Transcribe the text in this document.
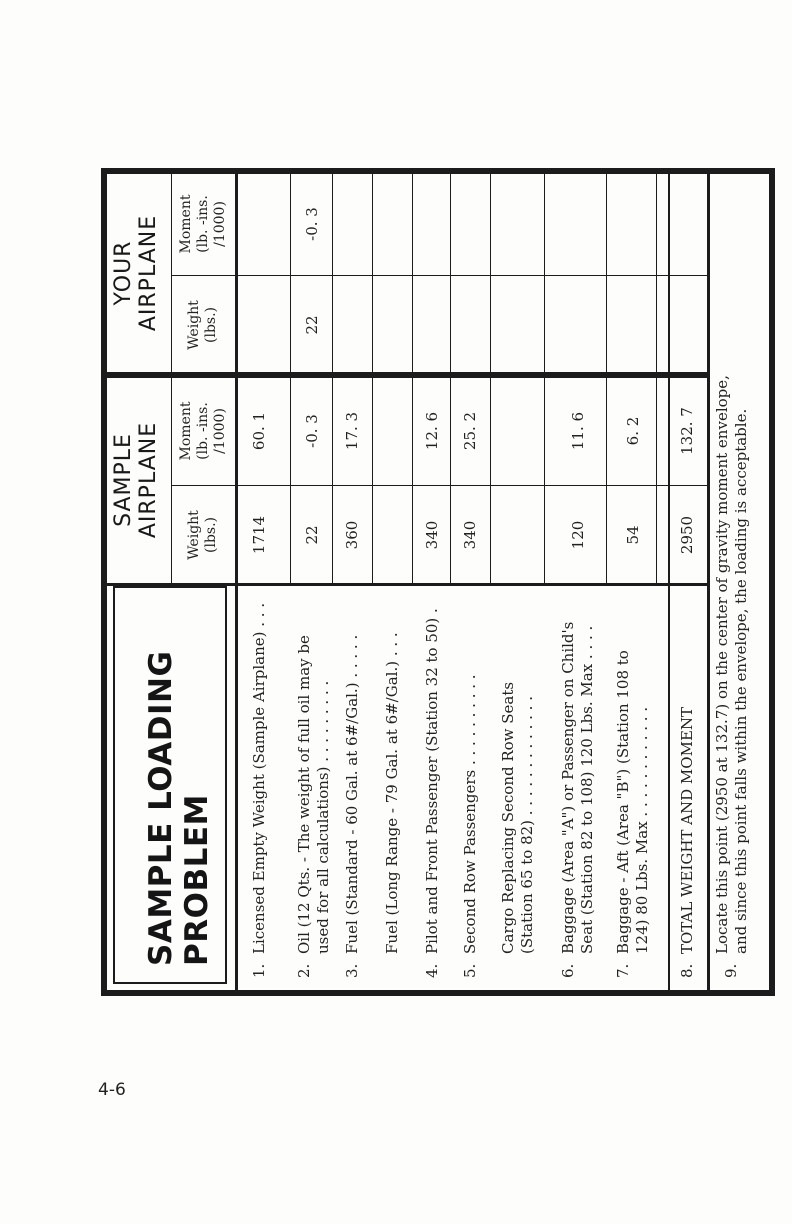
SAMPLE LOADING PROBLEM
SAMPLE AIRPLANE
YOUR AIRPLANE
Weight
(lbs.)
Moment
(lb. -ins.
/1000)
Weight
(lbs.)
Moment
(lb. -ins.
/1000)
1.
Licensed Empty Weight (Sample Airplane) . . .
1714
60. 1
2.
Oil (12 Qts. - The weight of full oil may be
used for all calculations) . . . . . . . . .
22
-0. 3
22
-0. 3
3.
Fuel (Standard - 60 Gal. at 6#/Gal.) . . . . .
360
17. 3
Fuel (Long Range - 79 Gal. at 6#/Gal.) . . .
4.
Pilot and Front Passenger (Station 32 to 50) .
340
12. 6
5.
Second Row Passengers . . . . . . . . . .
340
25. 2
Cargo Replacing Second Row Seats
(Station 65 to 82) . . . . . . . . . . . . .
6.
Baggage (Area "A") or Passenger on Child's
Seat (Station 82 to 108) 120 Lbs. Max . . . .
120
11. 6
7.
Baggage - Aft (Area "B") (Station 108 to
124) 80 Lbs. Max . . . . . . . . . . . .
54
6. 2
8.
TOTAL WEIGHT AND MOMENT
2950
132. 7
9.
Locate this point (2950 at 132.7) on the center of gravity moment envelope,
and since this point falls within the envelope, the loading is acceptable.
4-6
